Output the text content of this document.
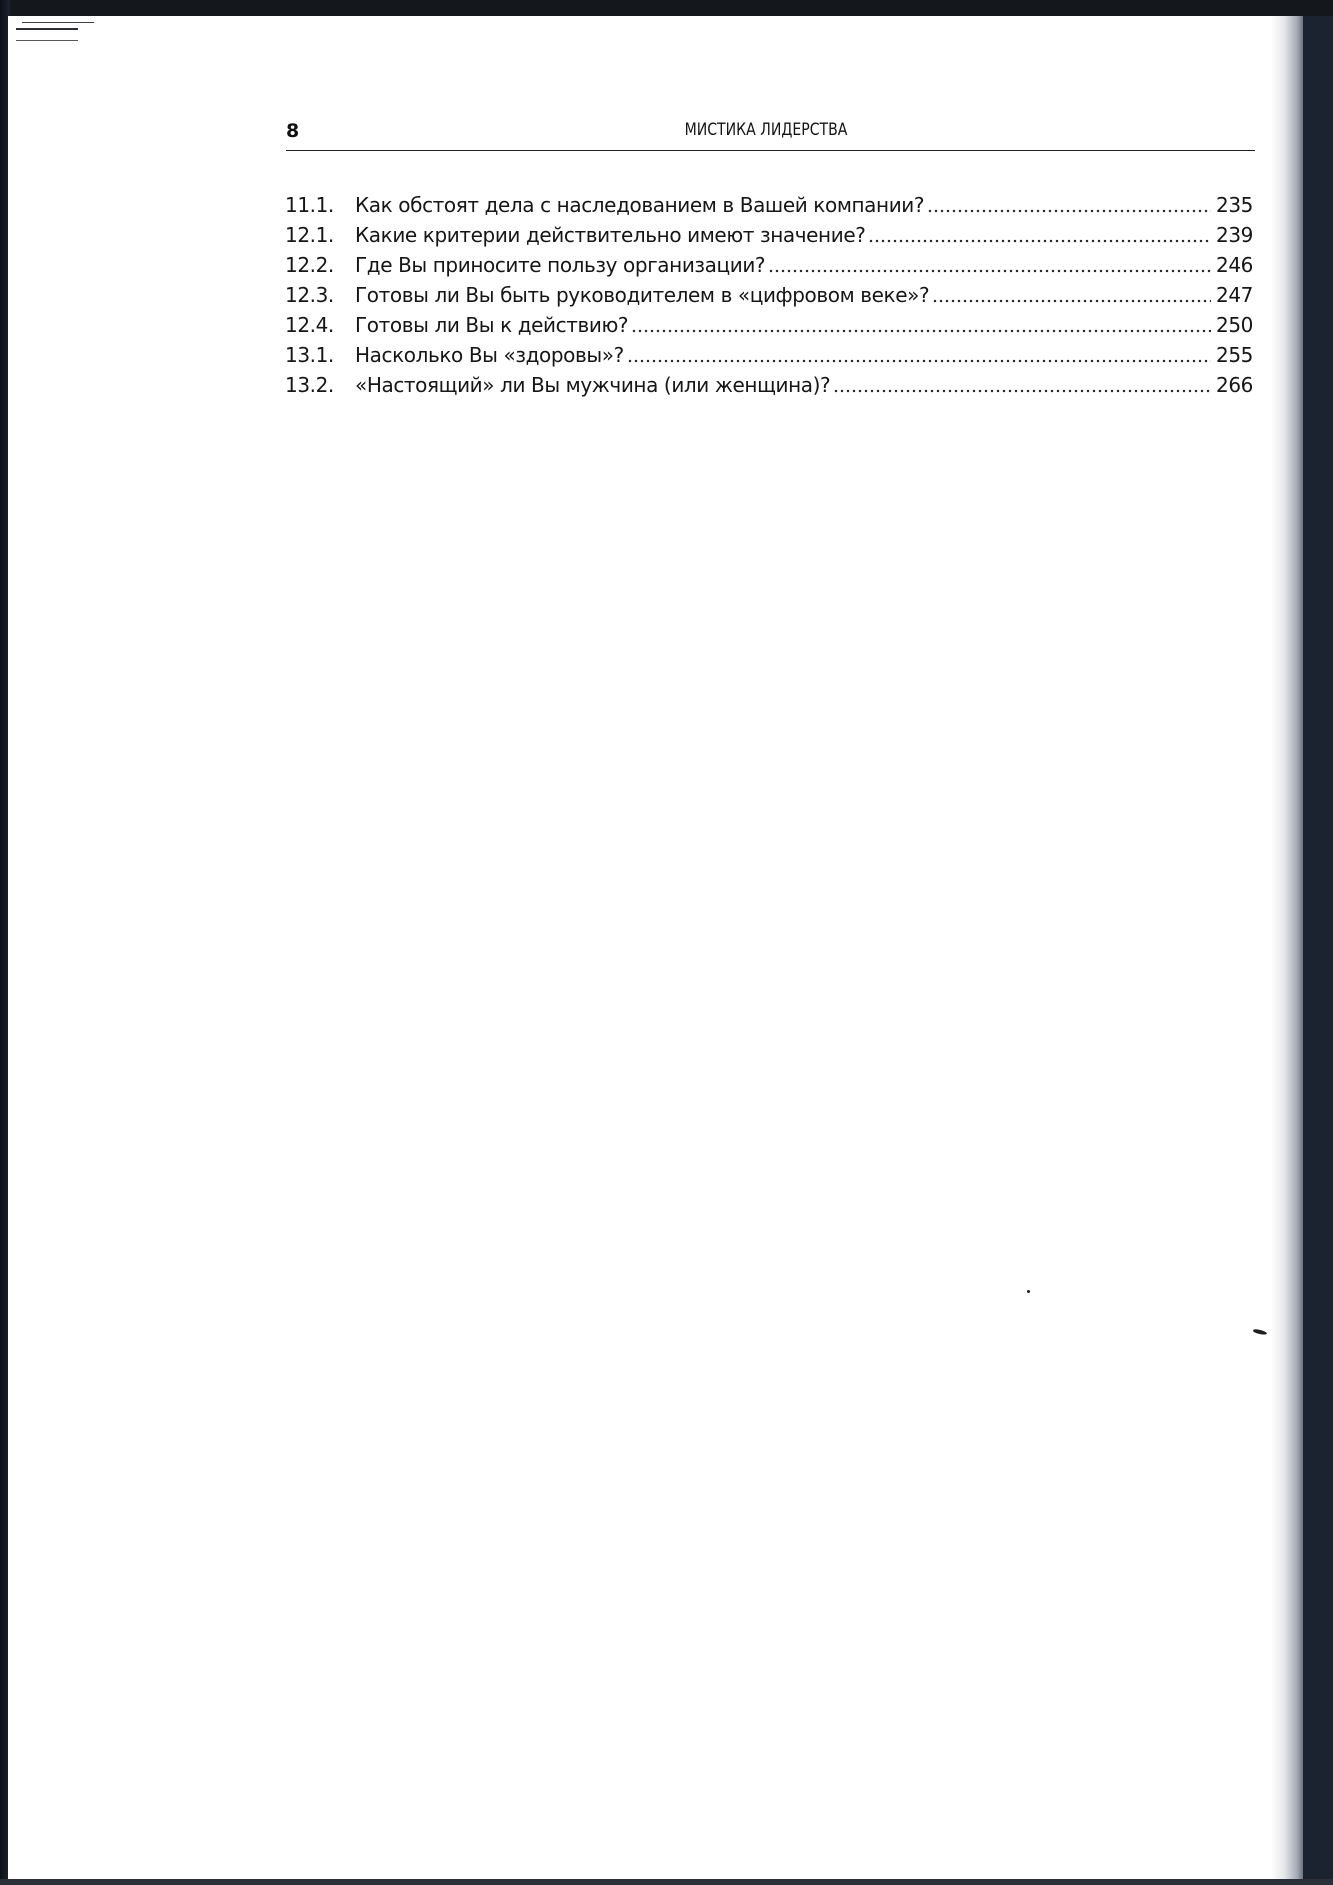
8	МИСТИКА ЛИДЕРСТВА
11.1.	Как обстоят дела с наследованием в Вашей компании?	235
12.1.	Какие критерии действительно имеют значение?	239
12.2.	Где Вы приносите пользу организации?	246
12.3.	Готовы ли Вы быть руководителем в «цифровом веке»?	247
12.4.	Готовы ли Вы к действию?	250
13.1.	Насколько Вы «здоровы»?	255
13.2.	«Настоящий» ли Вы мужчина (или женщина)?	266
